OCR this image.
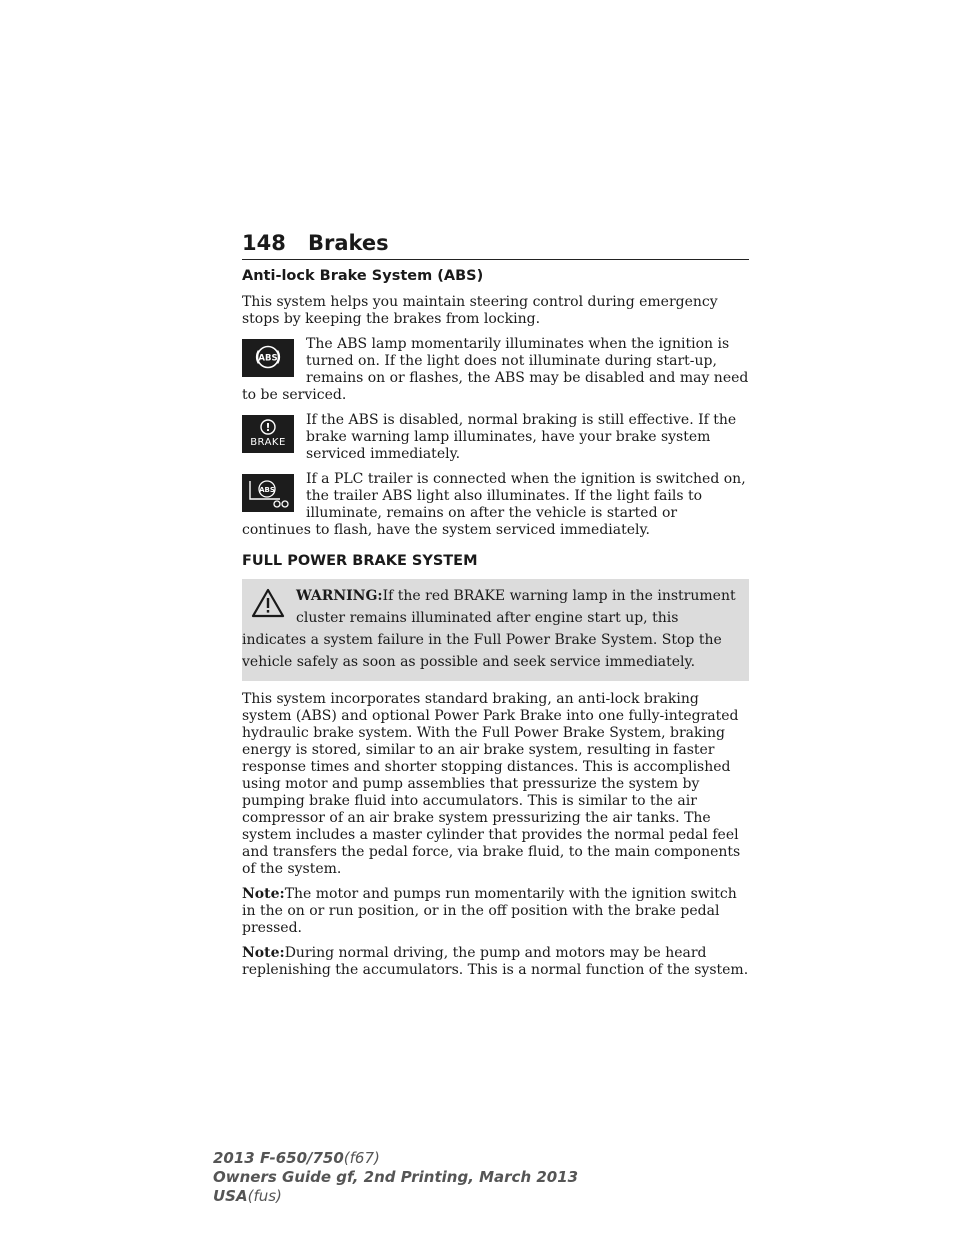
148 Brakes
Anti-lock Brake System (ABS)

This system helps you maintain steering control during emergency stops by keeping the brakes from locking.

ABS
The ABS lamp momentarily illuminates when the ignition is turned on. If the light does not illuminate during start-up, remains on or flashes, the ABS may be disabled and may need to be serviced.

!
BRAKE
If the ABS is disabled, normal braking is still effective. If the brake warning lamp illuminates, have your brake system serviced immediately.

ABS
If a PLC trailer is connected when the ignition is switched on, the trailer ABS light also illuminates. If the light fails to illuminate, remains on after the vehicle is started or continues to flash, have the system serviced immediately.

FULL POWER BRAKE SYSTEM

WARNING:If the red BRAKE warning lamp in the instrument cluster remains illuminated after engine start up, this indicates a system failure in the Full Power Brake System. Stop the vehicle safely as soon as possible and seek service immediately.

This system incorporates standard braking, an anti-lock braking system (ABS) and optional Power Park Brake into one fully-integrated hydraulic brake system. With the Full Power Brake System, braking energy is stored, similar to an air brake system, resulting in faster response times and shorter stopping distances. This is accomplished using motor and pump assemblies that pressurize the system by pumping brake fluid into accumulators. This is similar to the air compressor of an air brake system pressurizing the air tanks. The system includes a master cylinder that provides the normal pedal feel and transfers the pedal force, via brake fluid, to the main components of the system.

Note:The motor and pumps run momentarily with the ignition switch in the on or run position, or in the off position with the brake pedal pressed.

Note:During normal driving, the pump and motors may be heard replenishing the accumulators. This is a normal function of the system.

2013 F-650/750(f67)
Owners Guide gf, 2nd Printing, March 2013
USA(fus)
